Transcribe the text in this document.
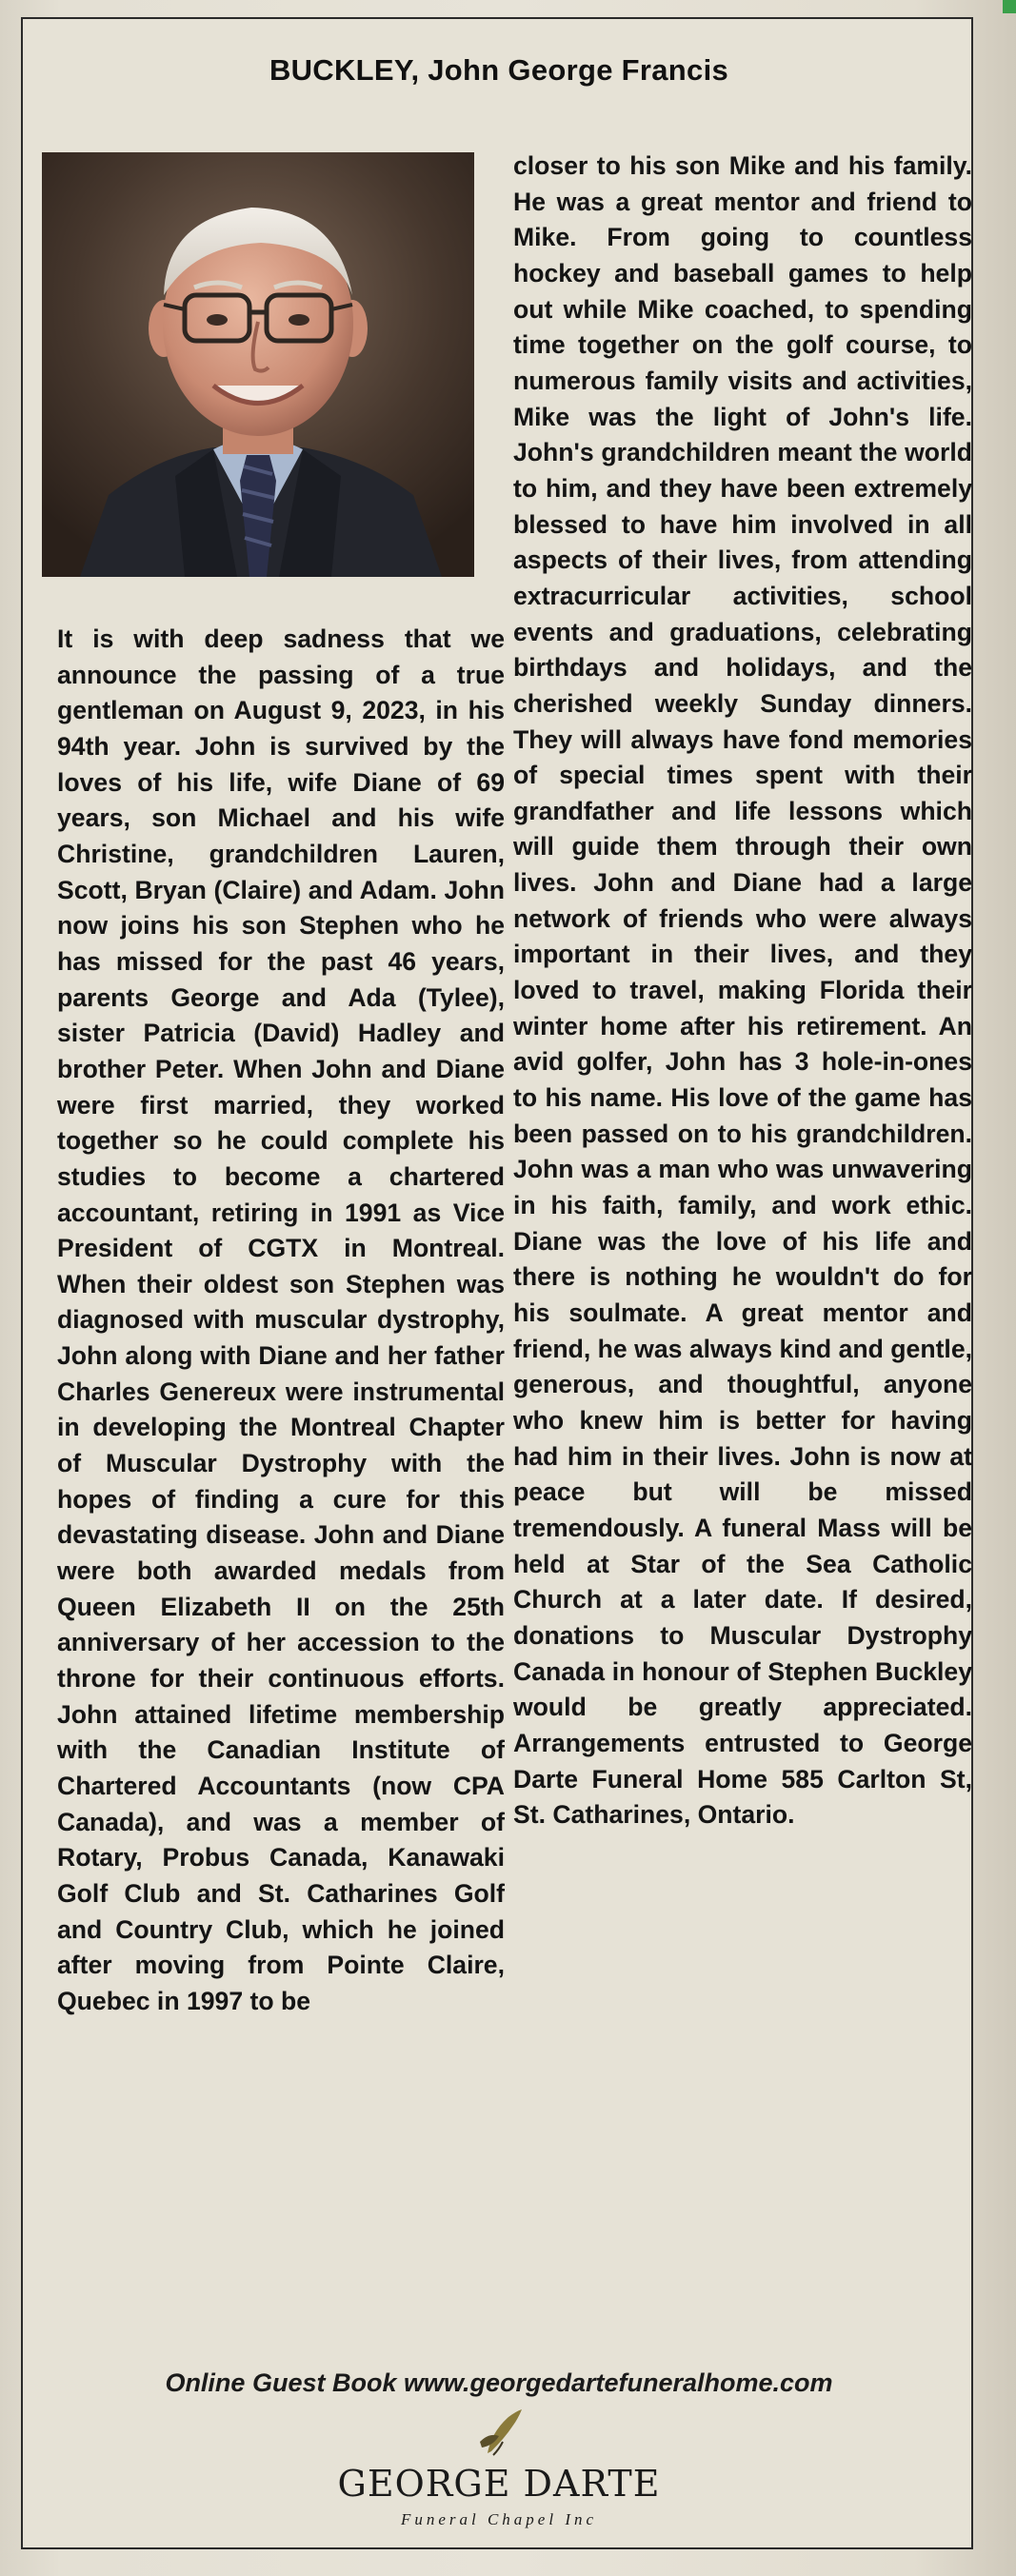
BUCKLEY, John George Francis
It is with deep sadness that we announce the passing of a true gentleman on August 9, 2023, in his 94th year. John is survived by the loves of his life, wife Diane of 69 years, son Michael and his wife Christine, grandchildren Lauren, Scott, Bryan (Claire) and Adam. John now joins his son Stephen who he has missed for the past 46 years, parents George and Ada (Tylee), sister Patricia (David) Hadley and brother Peter. When John and Diane were first married, they worked together so he could complete his studies to become a chartered accountant, retiring in 1991 as Vice President of CGTX in Montreal. When their oldest son Stephen was diagnosed with muscular dystrophy, John along with Diane and her father Charles Genereux were instrumental in developing the Montreal Chapter of Muscular Dystrophy with the hopes of finding a cure for this devastating disease. John and Diane were both awarded medals from Queen Elizabeth II on the 25th anniversary of her accession to the throne for their continuous efforts. John attained lifetime membership with the Canadian Institute of Chartered Accountants (now CPA Canada), and was a member of Rotary, Probus Canada, Kanawaki Golf Club and St. Catharines Golf and Country Club, which he joined after moving from Pointe Claire, Quebec in 1997 to be
closer to his son Mike and his family. He was a great mentor and friend to Mike. From going to countless hockey and baseball games to help out while Mike coached, to spending time together on the golf course, to numerous family visits and activities, Mike was the light of John's life. John's grandchildren meant the world to him, and they have been extremely blessed to have him involved in all aspects of their lives, from attending extracurricular activities, school events and graduations, celebrating birthdays and holidays, and the cherished weekly Sunday dinners. They will always have fond memories of special times spent with their grandfather and life lessons which will guide them through their own lives. John and Diane had a large network of friends who were always important in their lives, and they loved to travel, making Florida their winter home after his retirement. An avid golfer, John has 3 hole-in-ones to his name. His love of the game has been passed on to his grandchildren. John was a man who was unwavering in his faith, family, and work ethic. Diane was the love of his life and there is nothing he wouldn't do for his soulmate. A great mentor and friend, he was always kind and gentle, generous, and thoughtful, anyone who knew him is better for having had him in their lives. John is now at peace but will be missed tremendously. A funeral Mass will be held at Star of the Sea Catholic Church at a later date. If desired, donations to Muscular Dystrophy Canada in honour of Stephen Buckley would be greatly appreciated. Arrangements entrusted to George Darte Funeral Home 585 Carlton St, St. Catharines, Ontario.
Online Guest Book www.georgedartefuneralhome.com
GEORGE DARTE
Funeral Chapel Inc
